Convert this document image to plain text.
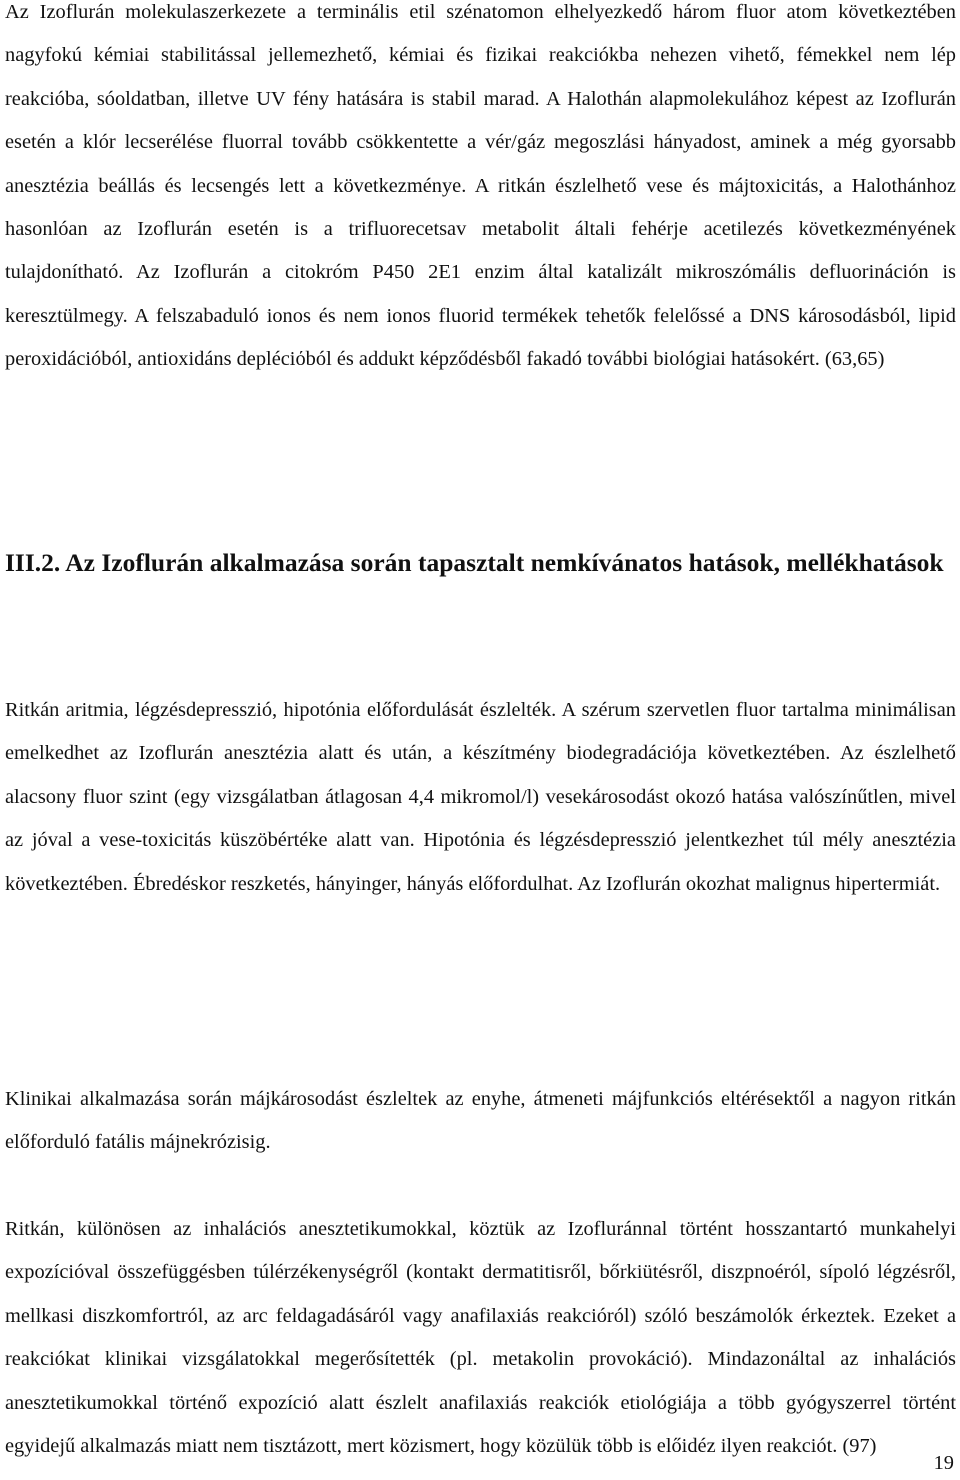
Az Izoflurán molekulaszerkezete a terminális etil szénatomon elhelyezkedő három fluor atom következtében nagyfokú kémiai stabilitással jellemezhető, kémiai és fizikai reakciókba nehezen vihető, fémekkel nem lép reakcióba, sóoldatban, illetve UV fény hatására is stabil marad. A Halothán alapmolekulához képest az Izoflurán esetén a klór lecserélése fluorral tovább csökkentette a vér/gáz megoszlási hányadost, aminek a még gyorsabb anesztézia beállás és lecsengés lett a következménye. A ritkán észlelhető vese és májtoxicitás, a Halothánhoz hasonlóan az Izoflurán esetén is a trifluorecetsav metabolit általi fehérje acetilezés következményének tulajdonítható. Az Izoflurán a citokróm P450 2E1 enzim által katalizált mikroszómális defluorináción is keresztülmegy. A felszabaduló ionos és nem ionos fluorid termékek tehetők felelőssé a DNS károsodásból, lipid peroxidációból, antioxidáns depléciόból és addukt képződésből fakadó további biológiai hatásokért. (63,65)

III.2. Az Izoflurán alkalmazása során tapasztalt nemkívánatos hatások, mellékhatások

Ritkán aritmia, légzésdepresszió, hipotónia előfordulását észlelték. A szérum szervetlen fluor tartalma minimálisan emelkedhet az Izoflurán anesztézia alatt és után, a készítmény biodegradációja következtében. Az észlelhető alacsony fluor szint (egy vizsgálatban átlagosan 4,4 mikromol/l) vesekárosodást okozó hatása valószínűtlen, mivel az jóval a vese-toxicitás küszöbértéke alatt van. Hipotónia és légzésdepresszió jelentkezhet túl mély anesztézia következtében. Ébredéskor reszketés, hányinger, hányás előfordulhat. Az Izoflurán okozhat malignus hipertermiát.

Klinikai alkalmazása során májkárosodást észleltek az enyhe, átmeneti májfunkciós eltérésektől a nagyon ritkán előforduló fatális májnekrózisig.

Ritkán, különösen az inhalációs anesztetikumokkal, köztük az Izofluránnal történt hosszantartó munkahelyi expozícióval összefüggésben túlérzékenységről (kontakt dermatitisről, bőrkiütésről, diszpnoéról, sípoló légzésről, mellkasi diszkomfortról, az arc feldagadásáról vagy anafilaxiás reakcióról) szóló beszámolók érkeztek. Ezeket a reakciókat klinikai vizsgálatokkal megerősítették (pl. metakolin provokáció). Mindazonáltal az inhalációs anesztetikumokkal történő expozíció alatt észlelt anafilaxiás reakciók etiológiája a több gyógyszerrel történt egyidejű alkalmazás miatt nem tisztázott, mert közismert, hogy közülük több is előidéz ilyen reakciót. (97)

19
